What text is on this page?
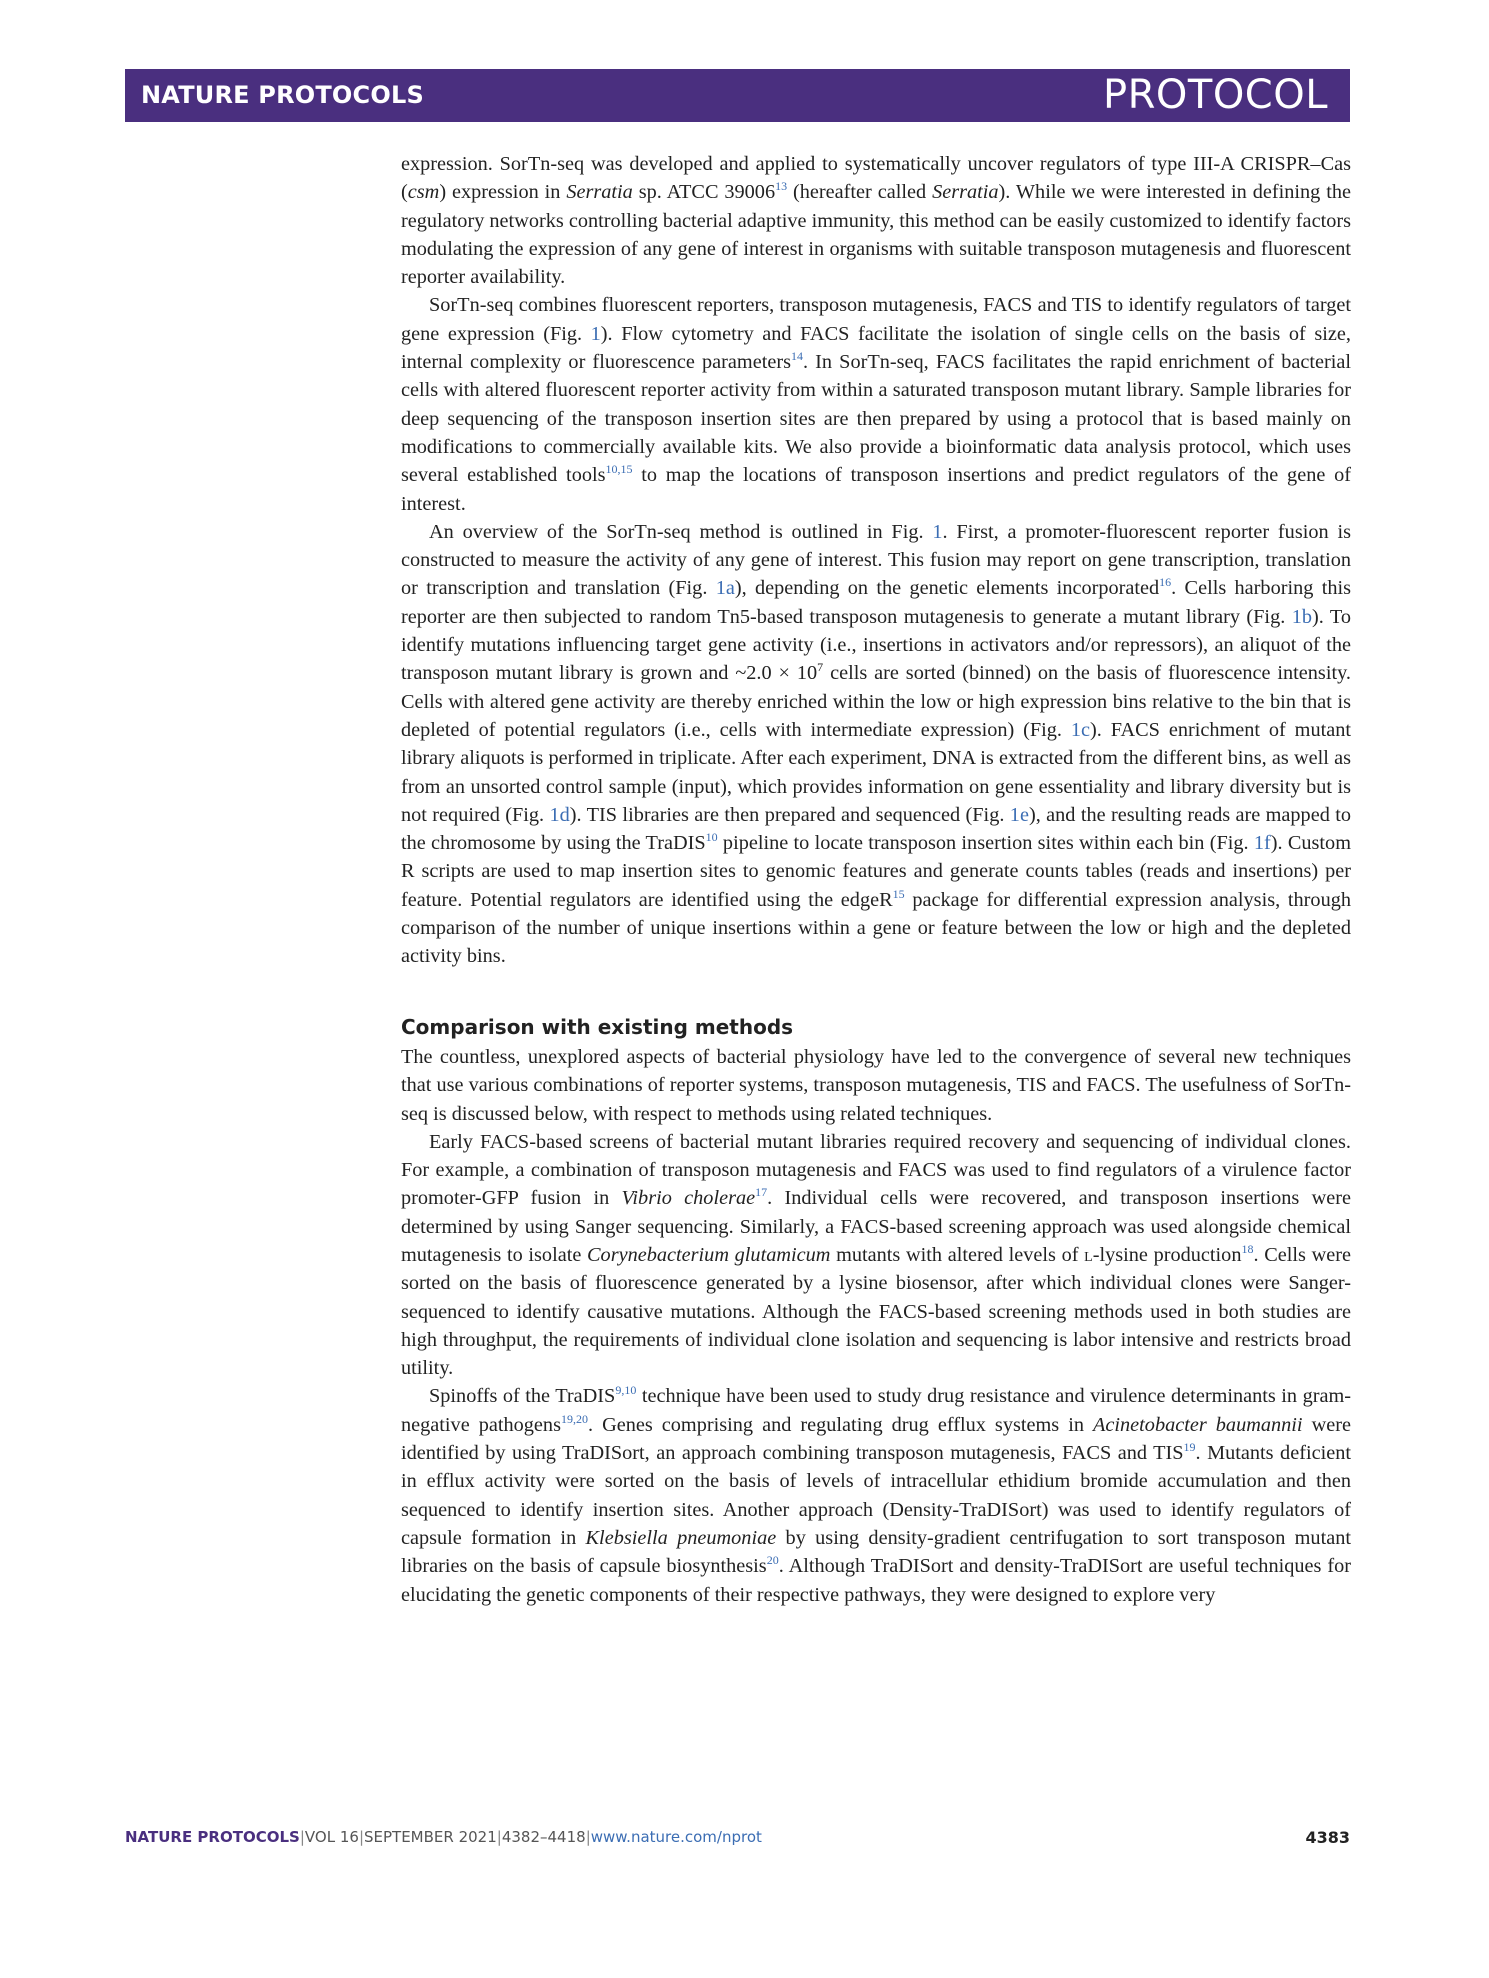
NATURE PROTOCOLS	PROTOCOL

expression. SorTn-seq was developed and applied to systematically uncover regulators of type III-A CRISPR–Cas (csm) expression in Serratia sp. ATCC 39006$^{13}$ (hereafter called Serratia). While we were interested in defining the regulatory networks controlling bacterial adaptive immunity, this method can be easily customized to identify factors modulating the expression of any gene of interest in organisms with suitable transposon mutagenesis and fluorescent reporter availability.

SorTn-seq combines fluorescent reporters, transposon mutagenesis, FACS and TIS to identify regulators of target gene expression (Fig. 1). Flow cytometry and FACS facilitate the isolation of single cells on the basis of size, internal complexity or fluorescence parameters$^{14}$. In SorTn-seq, FACS facilitates the rapid enrichment of bacterial cells with altered fluorescent reporter activity from within a saturated transposon mutant library. Sample libraries for deep sequencing of the transposon insertion sites are then prepared by using a protocol that is based mainly on modifications to commercially available kits. We also provide a bioinformatic data analysis protocol, which uses several established tools$^{10,15}$ to map the locations of transposon insertions and predict regulators of the gene of interest.

An overview of the SorTn-seq method is outlined in Fig. 1. First, a promoter-fluorescent reporter fusion is constructed to measure the activity of any gene of interest. This fusion may report on gene transcription, translation or transcription and translation (Fig. 1a), depending on the genetic elements incorporated$^{16}$. Cells harboring this reporter are then subjected to random Tn5-based transposon mutagenesis to generate a mutant library (Fig. 1b). To identify mutations influencing target gene activity (i.e., insertions in activators and/or repressors), an aliquot of the transposon mutant library is grown and ~2.0 × $10^7$ cells are sorted (binned) on the basis of fluorescence intensity. Cells with altered gene activity are thereby enriched within the low or high expression bins relative to the bin that is depleted of potential regulators (i.e., cells with intermediate expression) (Fig. 1c). FACS enrichment of mutant library aliquots is performed in triplicate. After each experiment, DNA is extracted from the different bins, as well as from an unsorted control sample (input), which provides information on gene essentiality and library diversity but is not required (Fig. 1d). TIS libraries are then prepared and sequenced (Fig. 1e), and the resulting reads are mapped to the chromosome by using the TraDIS$^{10}$ pipeline to locate transposon insertion sites within each bin (Fig. 1f). Custom R scripts are used to map insertion sites to genomic features and generate counts tables (reads and insertions) per feature. Potential regulators are identified using the edgeR$^{15}$ package for differential expression analysis, through comparison of the number of unique insertions within a gene or feature between the low or high and the depleted activity bins.

Comparison with existing methods

The countless, unexplored aspects of bacterial physiology have led to the convergence of several new techniques that use various combinations of reporter systems, transposon mutagenesis, TIS and FACS. The usefulness of SorTn-seq is discussed below, with respect to methods using related techniques.

Early FACS-based screens of bacterial mutant libraries required recovery and sequencing of individual clones. For example, a combination of transposon mutagenesis and FACS was used to find regulators of a virulence factor promoter-GFP fusion in Vibrio cholerae$^{17}$. Individual cells were recovered, and transposon insertions were determined by using Sanger sequencing. Similarly, a FACS-based screening approach was used alongside chemical mutagenesis to isolate Corynebacterium glutamicum mutants with altered levels of l-lysine production$^{18}$. Cells were sorted on the basis of fluorescence generated by a lysine biosensor, after which individual clones were Sanger-sequenced to identify causative mutations. Although the FACS-based screening methods used in both studies are high throughput, the requirements of individual clone isolation and sequencing is labor intensive and restricts broad utility.

Spinoffs of the TraDIS$^{9,10}$ technique have been used to study drug resistance and virulence determinants in gram-negative pathogens$^{19,20}$. Genes comprising and regulating drug efflux systems in Acinetobacter baumannii were identified by using TraDISort, an approach combining transposon mutagenesis, FACS and TIS$^{19}$. Mutants deficient in efflux activity were sorted on the basis of levels of intracellular ethidium bromide accumulation and then sequenced to identify insertion sites. Another approach (Density-TraDISort) was used to identify regulators of capsule formation in Klebsiella pneumoniae by using density-gradient centrifugation to sort transposon mutant libraries on the basis of capsule biosynthesis$^{20}$. Although TraDISort and density-TraDISort are useful techniques for elucidating the genetic components of their respective pathways, they were designed to explore very

NATURE PROTOCOLS|VOL 16|SEPTEMBER 2021|4382–4418|www.nature.com/nprot	4383
